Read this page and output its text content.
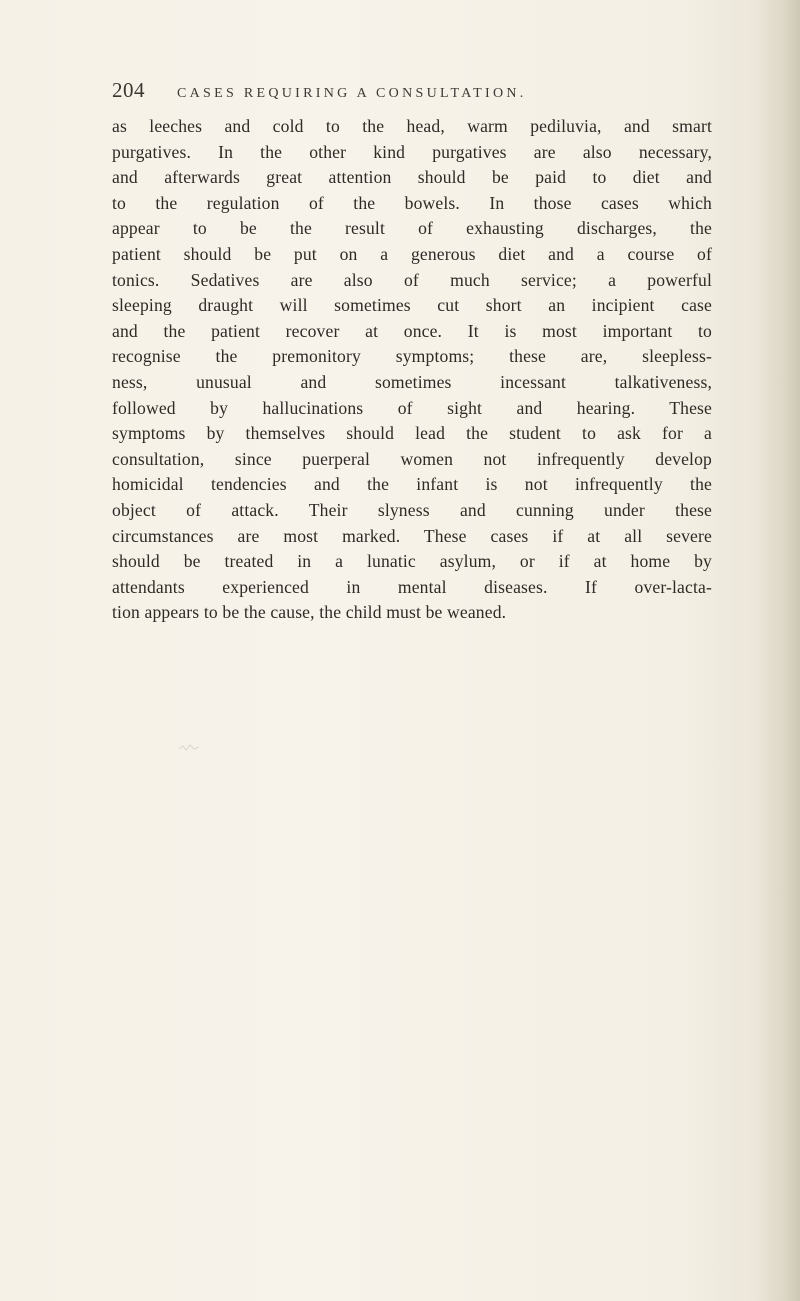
204 CASES REQUIRING A CONSULTATION.
as leeches and cold to the head, warm pediluvia, and smart
purgatives. In the other kind purgatives are also necessary,
and afterwards great attention should be paid to diet and
to the regulation of the bowels. In those cases which
appear to be the result of exhausting discharges, the
patient should be put on a generous diet and a course of
tonics. Sedatives are also of much service; a powerful
sleeping draught will sometimes cut short an incipient case
and the patient recover at once. It is most important to
recognise the premonitory symptoms; these are, sleepless-
ness, unusual and sometimes incessant talkativeness,
followed by hallucinations of sight and hearing. These
symptoms by themselves should lead the student to ask for a
consultation, since puerperal women not infrequently develop
homicidal tendencies and the infant is not infrequently the
object of attack. Their slyness and cunning under these
circumstances are most marked. These cases if at all severe
should be treated in a lunatic asylum, or if at home by
attendants experienced in mental diseases. If over-lacta-
tion appears to be the cause, the child must be weaned.
